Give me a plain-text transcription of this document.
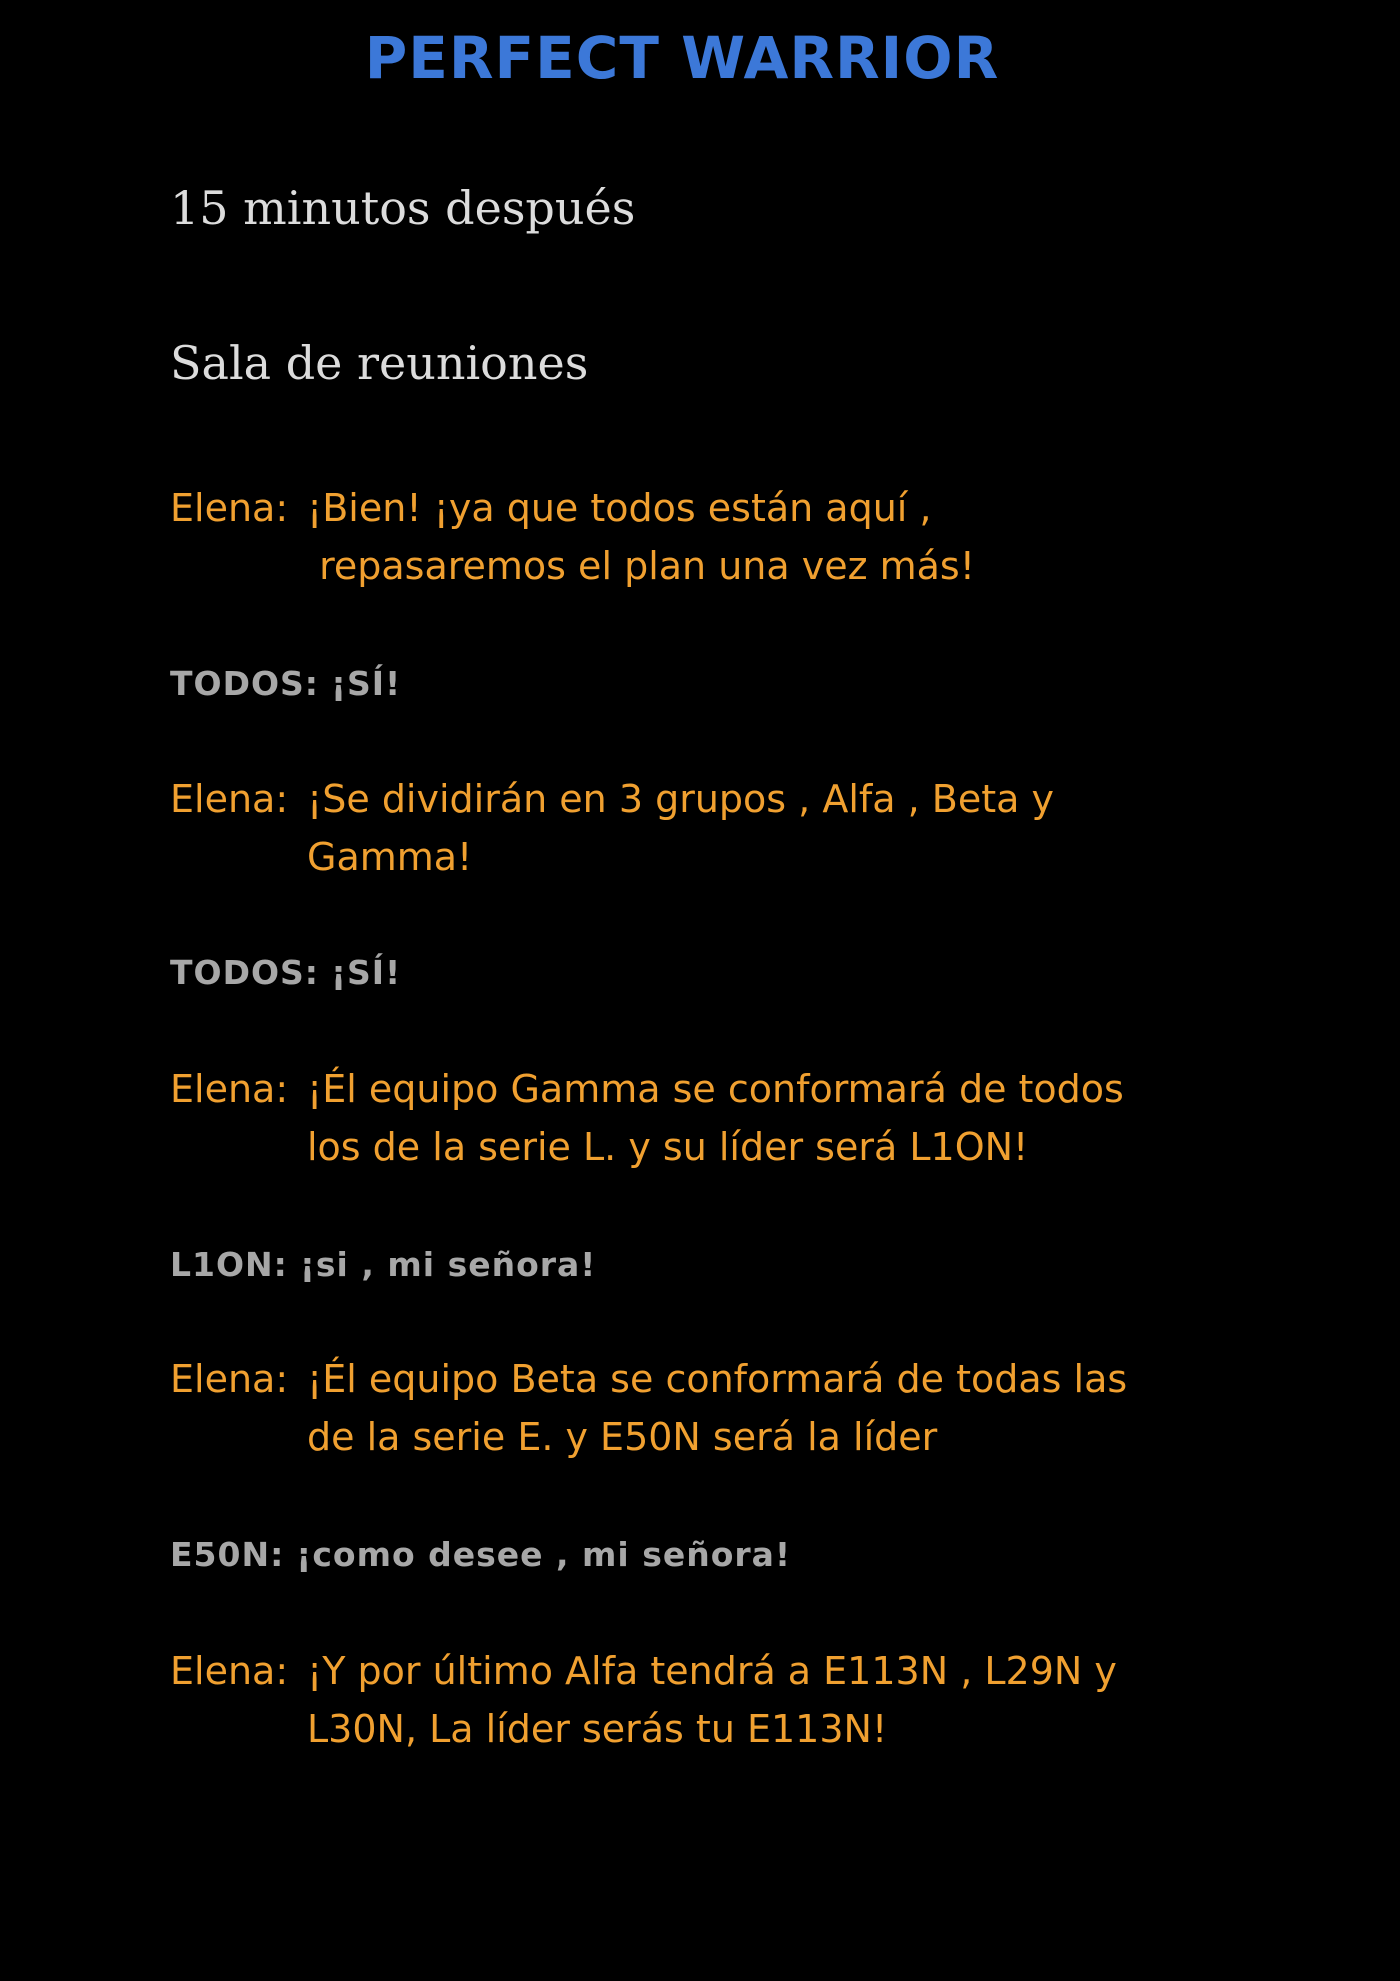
PERFECT WARRIOR

15 minutos después

Sala de reuniones

Elena: ¡Bien! ¡ya que todos están aquí ,
repasaremos el plan una vez más!
TODOS: ¡SÍ!
Elena: ¡Se dividirán en 3 grupos , Alfa , Beta y
Gamma!
TODOS: ¡SÍ!
Elena: ¡Él equipo Gamma se conformará de todos
los de la serie L. y su líder será L1ON!
L1ON: ¡si , mi señora!
Elena: ¡Él equipo Beta se conformará de todas las
de la serie E. y E50N será la líder
E50N: ¡como desee , mi señora!
Elena: ¡Y por último Alfa tendrá a E113N , L29N y
L30N, La líder serás tu E113N!
